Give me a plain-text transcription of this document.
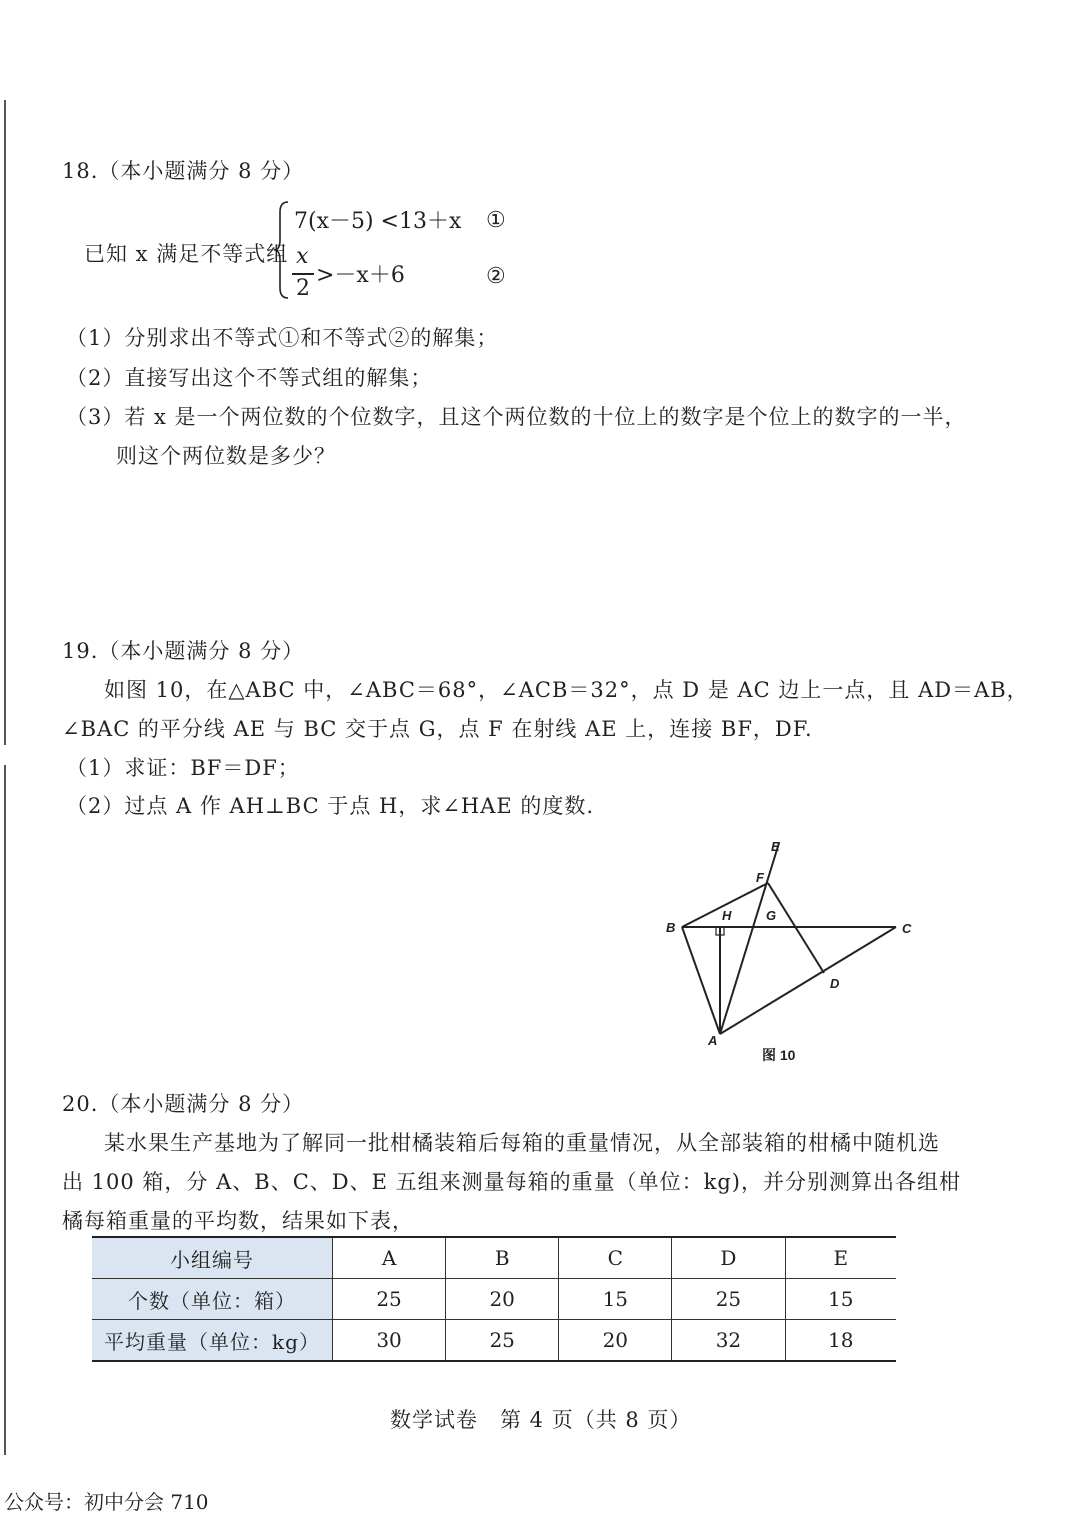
18.（本小题满分 8 分）
已知 x 满足不等式组
7(x－5) <13＋x ①
x
2
>－x＋6	②
（1）分别求出不等式①和不等式②的解集；
（2）直接写出这个不等式组的解集；
（3）若 x 是一个两位数的个位数字，且这个两位数的十位上的数字是个位上的数字的一半，
则这个两位数是多少？
19.（本小题满分 8 分）
如图 10，在△ABC 中，∠ABC＝68°，∠ACB＝32°，点 D 是 AC 边上一点，且 AD＝AB，
∠BAC 的平分线 AE 与 BC 交于点 G，点 F 在射线 AE 上，连接 BF，DF.
（1）求证：BF＝DF；
（2）过点 A 作 AH⊥BC 于点 H，求∠HAE 的度数.
E
F
H	G
B	C
D
A
图 10
20.（本小题满分 8 分）
某水果生产基地为了解同一批柑橘装箱后每箱的重量情况，从全部装箱的柑橘中随机选
出 100 箱，分 A、B、C、D、E 五组来测量每箱的重量（单位：kg)，并分别测算出各组柑
橘每箱重量的平均数，结果如下表，
小组编号	A	B	C	D	E
个数（单位：箱）	25	20	15	25	15
平均重量（单位：kg）	30	25	20	32	18
数学试卷　第 4 页（共 8 页）
公众号：初中分会 710
